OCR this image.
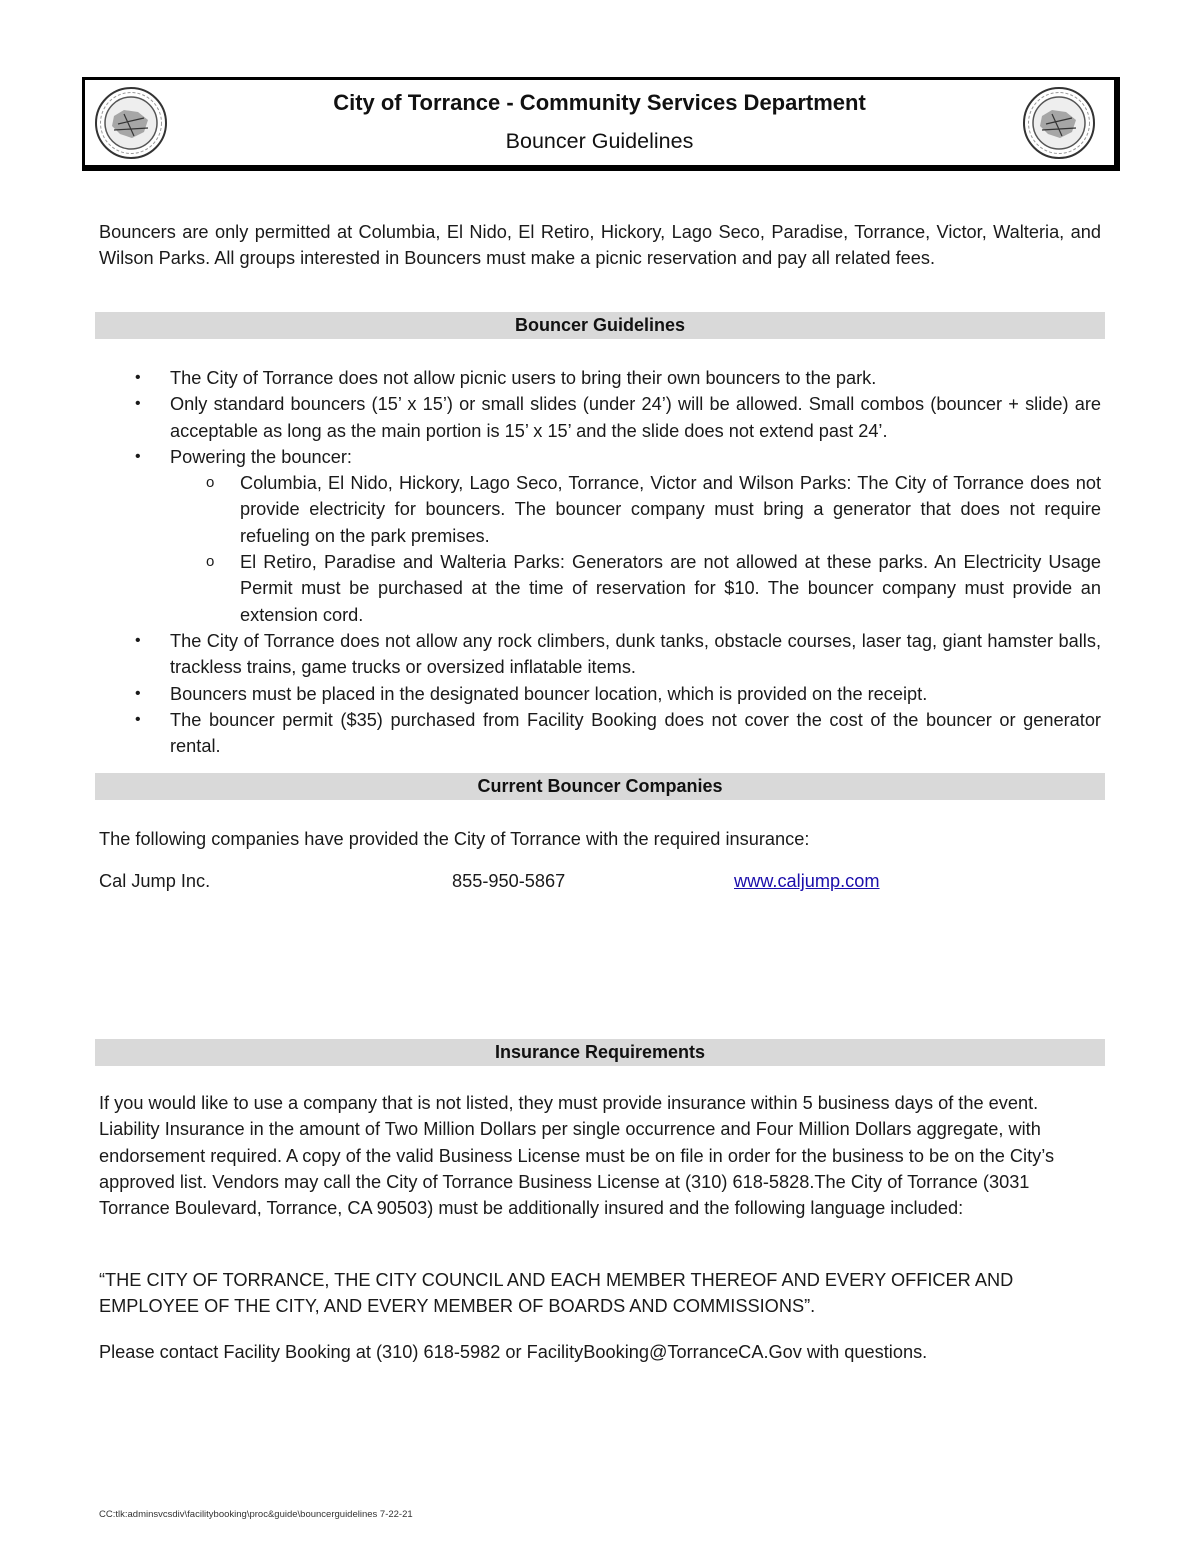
City of Torrance - Community Services Department
Bouncer Guidelines

Bouncers are only permitted at Columbia, El Nido, El Retiro, Hickory, Lago Seco, Paradise, Torrance, Victor, Walteria, and Wilson Parks. All groups interested in Bouncers must make a picnic reservation and pay all related fees.

Bouncer Guidelines
• The City of Torrance does not allow picnic users to bring their own bouncers to the park.
• Only standard bouncers (15’ x 15’) or small slides (under 24’) will be allowed. Small combos (bouncer + slide) are acceptable as long as the main portion is 15’ x 15’ and the slide does not extend past 24’.
• Powering the bouncer:
o Columbia, El Nido, Hickory, Lago Seco, Torrance, Victor and Wilson Parks: The City of Torrance does not provide electricity for bouncers. The bouncer company must bring a generator that does not require refueling on the park premises.
o El Retiro, Paradise and Walteria Parks: Generators are not allowed at these parks. An Electricity Usage Permit must be purchased at the time of reservation for $10. The bouncer company must provide an extension cord.
• The City of Torrance does not allow any rock climbers, dunk tanks, obstacle courses, laser tag, giant hamster balls, trackless trains, game trucks or oversized inflatable items.
• Bouncers must be placed in the designated bouncer location, which is provided on the receipt.
• The bouncer permit ($35) purchased from Facility Booking does not cover the cost of the bouncer or generator rental.
Current Bouncer Companies

The following companies have provided the City of Torrance with the required insurance:

Cal Jump Inc.	855-950-5867	www.caljump.com
Insurance Requirements

If you would like to use a company that is not listed, they must provide insurance within 5 business days of the event. Liability Insurance in the amount of Two Million Dollars per single occurrence and Four Million Dollars aggregate, with endorsement required. A copy of the valid Business License must be on file in order for the business to be on the City’s approved list. Vendors may call the City of Torrance Business License at (310) 618-5828.The City of Torrance (3031 Torrance Boulevard, Torrance, CA 90503) must be additionally insured and the following language included:

“THE CITY OF TORRANCE, THE CITY COUNCIL AND EACH MEMBER THEREOF AND EVERY OFFICER AND EMPLOYEE OF THE CITY, AND EVERY MEMBER OF BOARDS AND COMMISSIONS”.

Please contact Facility Booking at (310) 618-5982 or FacilityBooking@TorranceCA.Gov with questions.

CC:tlk:adminsvcsdiv\facilitybooking\proc&guide\bouncerguidelines 7-22-21
